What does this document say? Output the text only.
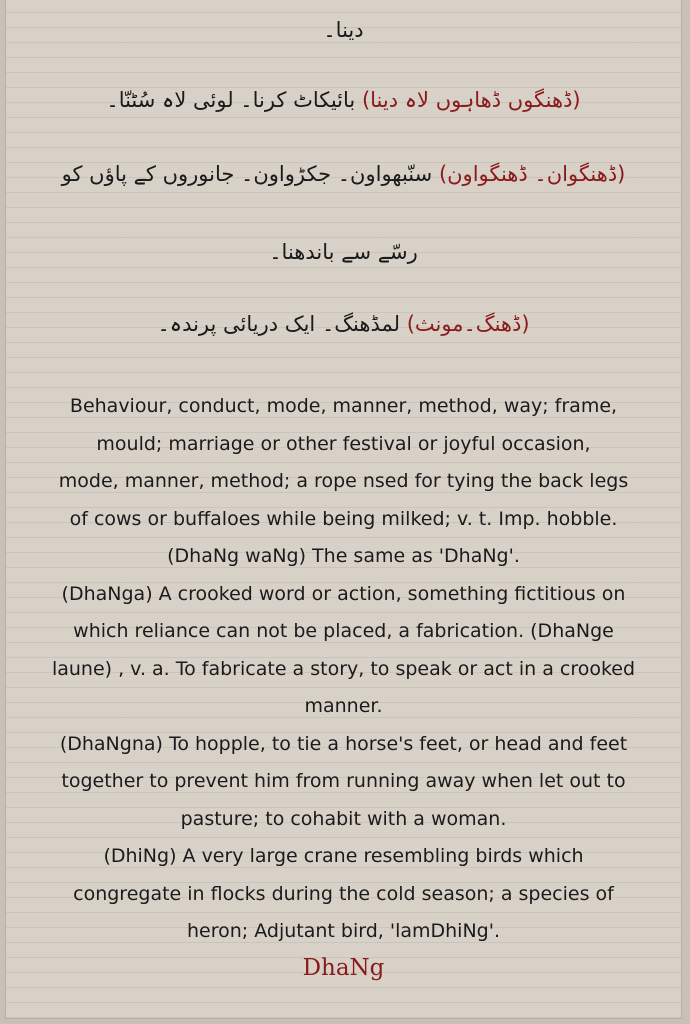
دینا۔
(ڈھنگوں ڈھاہوں لاہ دینا) بائیکاٹ کرنا۔ لوئی لاہ سُٹنّا۔
(ڈھنگوان۔ ڈھنگواون) سنّبھواون۔ جکڑواون۔ جانوروں کے پاؤں کو
رسّے سے باندھنا۔
(ڈھنگ۔مونث) لمڈھنگ۔ ایک دریائی پرندہ۔
Behaviour, conduct, mode, manner, method, way; frame,
mould; marriage or other festival or joyful occasion,
mode, manner, method; a rope nsed for tying the back legs
of cows or buffaloes while being milked; v. t. Imp. hobble.
(DhaNg waNg) The same as 'DhaNg'.
(DhaNga) A crooked word or action, something fictitious on
which reliance can not be placed, a fabrication. (DhaNge
laune) , v. a. To fabricate a story, to speak or act in a crooked
manner.
(DhaNgna) To hopple, to tie a horse's feet, or head and feet
together to prevent him from running away when let out to
pasture; to cohabit with a woman.
(DhiNg) A very large crane resembling birds which
congregate in flocks during the cold season; a species of
heron; Adjutant bird, 'lamDhiNg'.
DhaNg
